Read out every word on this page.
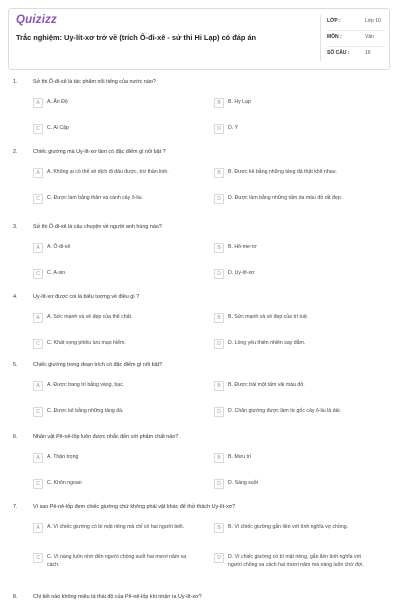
Quizizz
Trắc nghiệm: Uy-lít-xơ trở về (trích Ô-đi-xê - sử thi Hi Lạp) có đáp án
LỚP :	Lớp 10
MÔN :	Văn
SỐ CÂU :	16
1.	Sử thi Ô-đi-xê là tác phẩm nổi tiếng của nước nào?
A	A. Ấn Độ	B	B. Hy Lạp
C	C. Ai Cập	D	D. Ý
2.	Chiếc giường mà Uy-lít-xơ làm có đặc điểm gì nổi bật ?
A	A. Không ai có thể xê dịch đi đâu được, trừ thần linh.	B	B. Được kê bằng những tảng đá thật khít nhau.
C	C. Được làm bằng thân và cành cây ô-liu.	D	D. Được làm bằng những tấm da màu đỏ rất đẹp.
3.	Sử thi Ô-đi-xê là câu chuyện về người anh hùng nào?
A	A. Ô-đi-xê	B	B. Hô-me-rơ
C	C. A-sin	D	D. Uy-lít-xơ
4.	Uy-lít-xơ được coi là biểu tượng về điều gì ?
A	A. Sức mạnh và vẻ đẹp của thể chất.	B	B. Sức mạnh và vẻ đẹp của trí tuệ.
C	C. Khát vọng phiêu lưu mạo hiểm.	D	D. Lòng yêu thiên nhiên say đắm.
5.	Chiếc giường trong đoạn trích có đặc điểm gì nổi bật?
A	A. Được trang trí bằng vàng, bạc.	B	B. Được trải một tấm vải màu đỏ.
C	C. Được kê bằng những tảng đá.	D	D. Chân giường được làm từ gốc cây ô-liu lá dài.
6.	Nhân vật Pê-nê-lốp luôn được nhắc đến với phẩm chất nào?
A	A. Thận trọng	B	B. Mưu trí
C	C. Khôn ngoan	D	D. Sáng suốt
7.	Vì sao Pê-nê-lốp đem chiếc giường chứ không phải vật khác để thử thách Uy-lít-xơ?
A	A. Vì chiếc giường có bí mật riêng mà chỉ có hai người biết.	B	B. Vì chiếc giường gắn liền với tình nghĩa vợ chồng.
C	C. Vì nàng luôn nhớ đến người chồng suốt hai mươi năm xa cách.
D	D. Vì chiếc giường có bí mật riêng, gắn liền tình nghĩa với người chồng xa cách hai mươi năm mà nàng luôn chờ đợi.
8.	Chi tiết nào không miêu tả thái độ của Pê-nê-lốp khi nhận ra Uy-lít-xơ?
